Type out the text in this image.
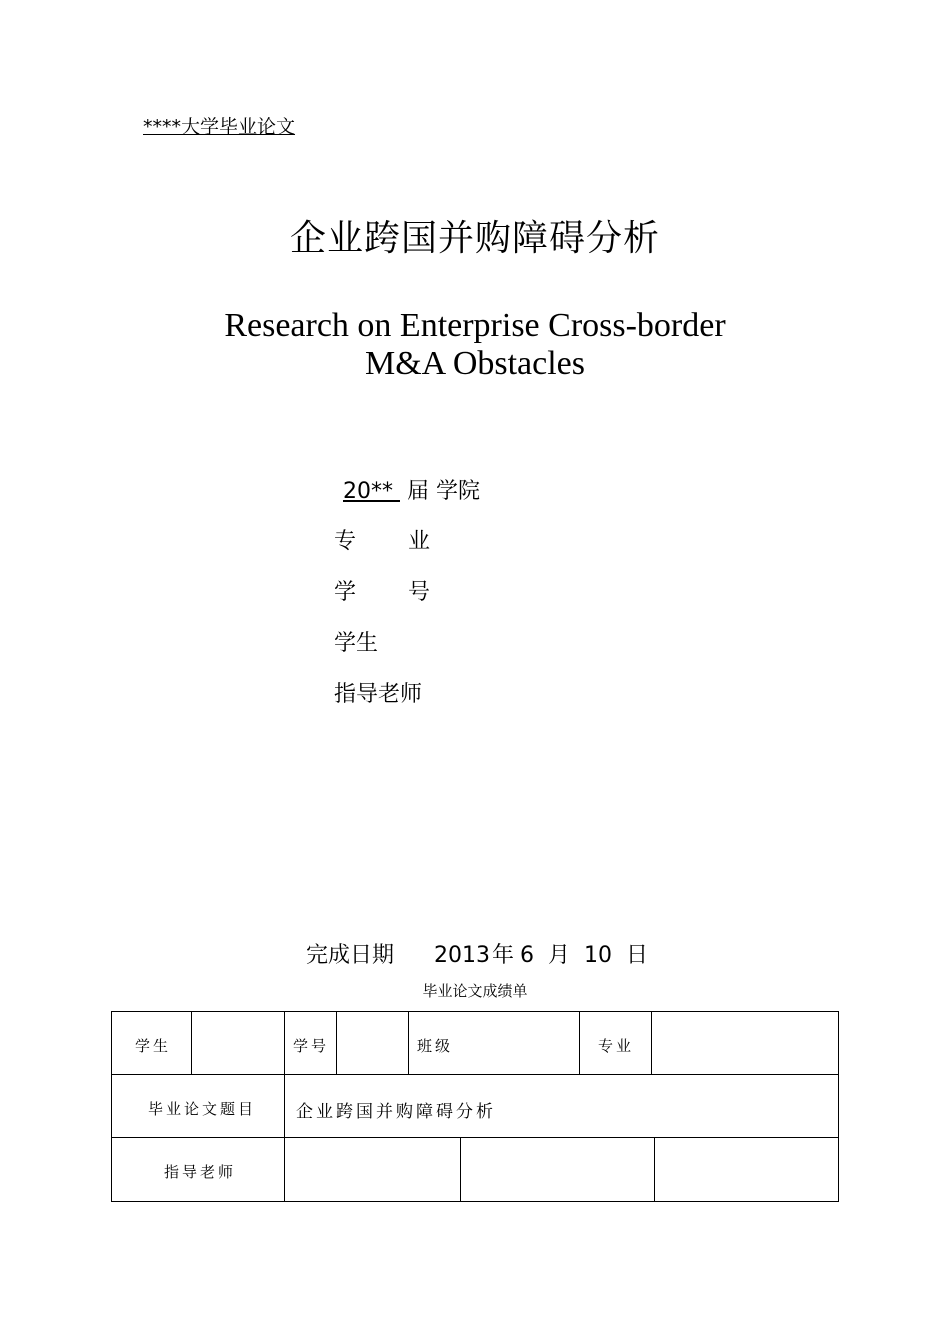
****大学毕业论文
企业跨国并购障碍分析
Research on Enterprise Cross-border
M&A Obstacles
20**  届 学院
专业
学号
学生
指导老师
完成日期 2013年 6 月 10 日
毕业论文成绩单
学生	学号	班级	专业
毕业论文题目 企业跨国并购障碍分析
指导老师
